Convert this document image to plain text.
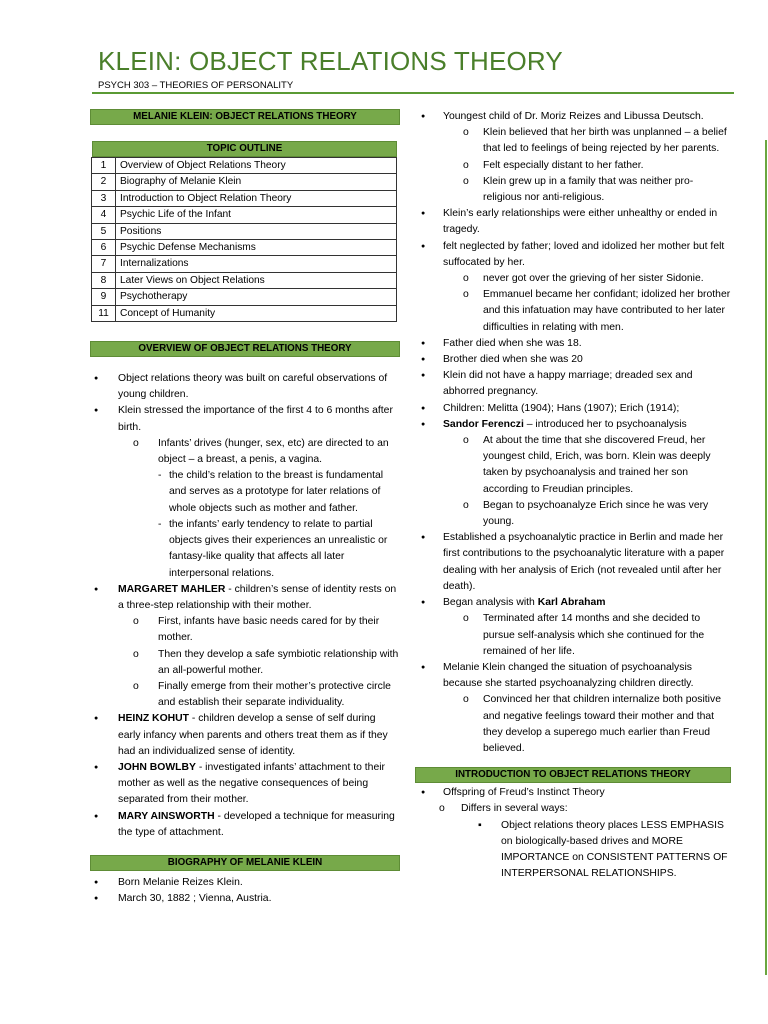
KLEIN: OBJECT RELATIONS THEORY
PSYCH 303 – THEORIES OF PERSONALITY
MELANIE KLEIN: OBJECT RELATIONS THEORY
TOPIC OUTLINE
1	Overview of Object Relations Theory
2	Biography of Melanie Klein
3	Introduction to Object Relation Theory
4	Psychic Life of the Infant
5	Positions
6	Psychic Defense Mechanisms
7	Internalizations
8	Later Views on Object Relations
9	Psychotherapy
11	Concept of Humanity
OVERVIEW OF OBJECT RELATIONS THEORY
● Object relations theory was built on careful observations of young children.
● Klein stressed the importance of the first 4 to 6 months after birth.
o Infants’ drives (hunger, sex, etc) are directed to an object – a breast, a penis, a vagina.
- the child’s relation to the breast is fundamental and serves as a prototype for later relations of whole objects such as mother and father.
- the infants’ early tendency to relate to partial objects gives their experiences an unrealistic or fantasy-like quality that affects all later interpersonal relations.
● MARGARET MAHLER - children’s sense of identity rests on a three-step relationship with their mother.
o First, infants have basic needs cared for by their mother.
o Then they develop a safe symbiotic relationship with an all-powerful mother.
o Finally emerge from their mother’s protective circle and establish their separate individuality.
● HEINZ KOHUT - children develop a sense of self during early infancy when parents and others treat them as if they had an individualized sense of identity.
● JOHN BOWLBY - investigated infants’ attachment to their mother as well as the negative consequences of being separated from their mother.
● MARY AINSWORTH - developed a technique for measuring the type of attachment.
BIOGRAPHY OF MELANIE KLEIN
● Born Melanie Reizes Klein.
● March 30, 1882 ; Vienna, Austria.
● Youngest child of Dr. Moriz Reizes and Libussa Deutsch.
o Klein believed that her birth was unplanned – a belief that led to feelings of being rejected by her parents.
o Felt especially distant to her father.
o Klein grew up in a family that was neither pro-religious nor anti-religious.
● Klein’s early relationships were either unhealthy or ended in tragedy.
● felt neglected by father; loved and idolized her mother but felt suffocated by her.
o never got over the grieving of her sister Sidonie.
o Emmanuel became her confidant; idolized her brother and this infatuation may have contributed to her later difficulties in relating with men.
● Father died when she was 18.
● Brother died when she was 20
● Klein did not have a happy marriage; dreaded sex and abhorred pregnancy.
● Children: Melitta (1904); Hans (1907); Erich (1914);
● Sandor Ferenczi – introduced her to psychoanalysis
o At about the time that she discovered Freud, her youngest child, Erich, was born. Klein was deeply taken by psychoanalysis and trained her son according to Freudian principles.
o Began to psychoanalyze Erich since he was very young.
● Established a psychoanalytic practice in Berlin and made her first contributions to the psychoanalytic literature with a paper dealing with her analysis of Erich (not revealed until after her death).
● Began analysis with Karl Abraham
o Terminated after 14 months and she decided to pursue self-analysis which she continued for the remained of her life.
● Melanie Klein changed the situation of psychoanalysis because she started psychoanalyzing children directly.
o Convinced her that children internalize both positive and negative feelings toward their mother and that they develop a superego much earlier than Freud believed.
INTRODUCTION TO OBJECT RELATIONS THEORY
● Offspring of Freud’s Instinct Theory
o Differs in several ways:
▪ Object relations theory places LESS EMPHASIS on biologically-based drives and MORE IMPORTANCE on CONSISTENT PATTERNS OF INTERPERSONAL RELATIONSHIPS.
